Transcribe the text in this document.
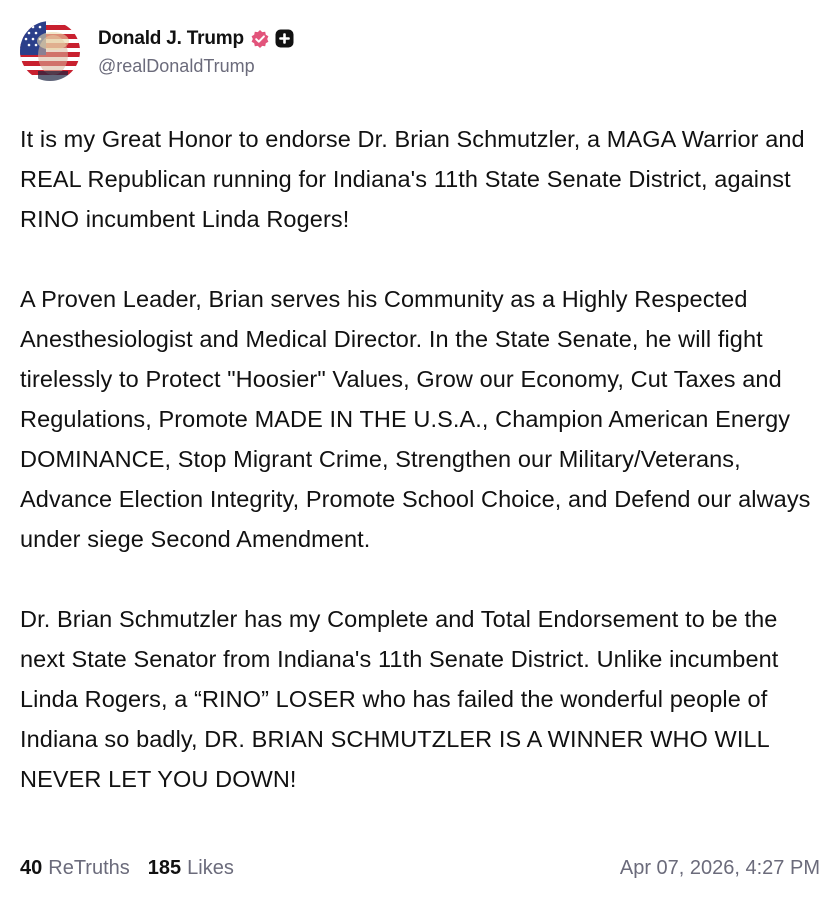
Donald J. Trump
@realDonaldTrump

It is my Great Honor to endorse Dr. Brian Schmutzler, a MAGA Warrior and REAL Republican running for Indiana's 11th State Senate District, against RINO incumbent Linda Rogers!

A Proven Leader, Brian serves his Community as a Highly Respected Anesthesiologist and Medical Director. In the State Senate, he will fight tirelessly to Protect "Hoosier" Values, Grow our Economy, Cut Taxes and Regulations, Promote MADE IN THE U.S.A., Champion American Energy DOMINANCE, Stop Migrant Crime, Strengthen our Military/Veterans, Advance Election Integrity, Promote School Choice, and Defend our always under siege Second Amendment.

Dr. Brian Schmutzler has my Complete and Total Endorsement to be the next State Senator from Indiana's 11th Senate District. Unlike incumbent Linda Rogers, a “RINO” LOSER who has failed the wonderful people of Indiana so badly, DR. BRIAN SCHMUTZLER IS A WINNER WHO WILL NEVER LET YOU DOWN!

40 ReTruths 185 Likes	Apr 07, 2026, 4:27 PM
